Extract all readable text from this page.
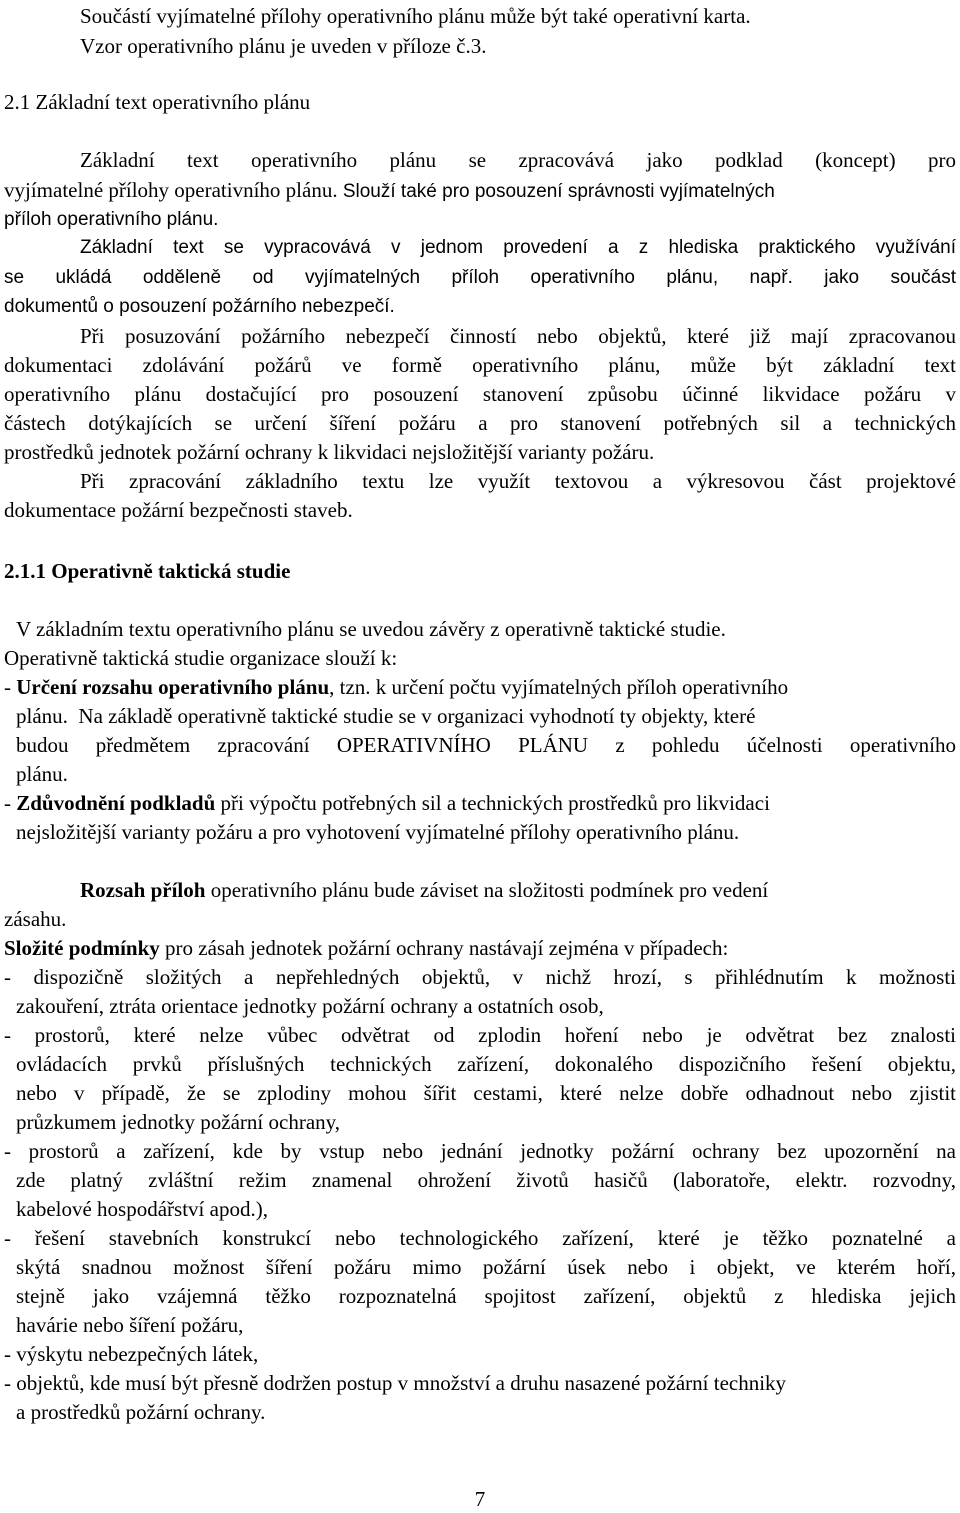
Součástí vyjímatelné přílohy operativního plánu může být také operativní karta.
Vzor operativního plánu je uveden v příloze č.3.
2.1 Základní text operativního plánu
Základní text operativního plánu se zpracovává jako podklad (koncept) pro
vyjímatelné přílohy operativního plánu. Slouží také pro posouzení správnosti vyjímatelných
příloh operativního plánu.
Základní text se vypracovává v jednom provedení a z hlediska praktického využívání
se ukládá odděleně od vyjímatelných příloh operativního plánu, např. jako součást
dokumentů o posouzení požárního nebezpečí.
Při posuzování požárního nebezpečí činností nebo objektů, které již mají zpracovanou
dokumentaci zdolávání požárů ve formě operativního plánu, může být základní text
operativního plánu dostačující pro posouzení stanovení způsobu účinné likvidace požáru v
částech dotýkajících se určení šíření požáru a pro stanovení potřebných sil a technických
prostředků jednotek požární ochrany k likvidaci nejsložitější varianty požáru.
Při zpracování základního textu lze využít textovou a výkresovou část projektové
dokumentace požární bezpečnosti staveb.
2.1.1 Operativně taktická studie
V základním textu operativního plánu se uvedou závěry z operativně taktické studie.
Operativně taktická studie organizace slouží k:
- Určení rozsahu operativního plánu, tzn. k určení počtu vyjímatelných příloh operativního
plánu. Na základě operativně taktické studie se v organizaci vyhodnotí ty objekty, které
budou předmětem zpracování OPERATIVNÍHO PLÁNU z pohledu účelnosti operativního
plánu.
- Zdůvodnění podkladů při výpočtu potřebných sil a technických prostředků pro likvidaci
nejsložitější varianty požáru a pro vyhotovení vyjímatelné přílohy operativního plánu.
Rozsah příloh operativního plánu bude záviset na složitosti podmínek pro vedení
zásahu.
Složité podmínky pro zásah jednotek požární ochrany nastávají zejména v případech:
- dispozičně složitých a nepřehledných objektů, v nichž hrozí, s přihlédnutím k možnosti
zakouření, ztráta orientace jednotky požární ochrany a ostatních osob,
- prostorů, které nelze vůbec odvětrat od zplodin hoření nebo je odvětrat bez znalosti
ovládacích prvků příslušných technických zařízení, dokonalého dispozičního řešení objektu,
nebo v případě, že se zplodiny mohou šířit cestami, které nelze dobře odhadnout nebo zjistit
průzkumem jednotky požární ochrany,
- prostorů a zařízení, kde by vstup nebo jednání jednotky požární ochrany bez upozornění na
zde platný zvláštní režim znamenal ohrožení životů hasičů (laboratoře, elektr. rozvodny,
kabelové hospodářství apod.),
- řešení stavebních konstrukcí nebo technologického zařízení, které je těžko poznatelné a
skýtá snadnou možnost šíření požáru mimo požární úsek nebo i objekt, ve kterém hoří,
stejně jako vzájemná těžko rozpoznatelná spojitost zařízení, objektů z hlediska jejich
havárie nebo šíření požáru,
- výskytu nebezpečných látek,
- objektů, kde musí být přesně dodržen postup v množství a druhu nasazené požární techniky
a prostředků požární ochrany.
7
